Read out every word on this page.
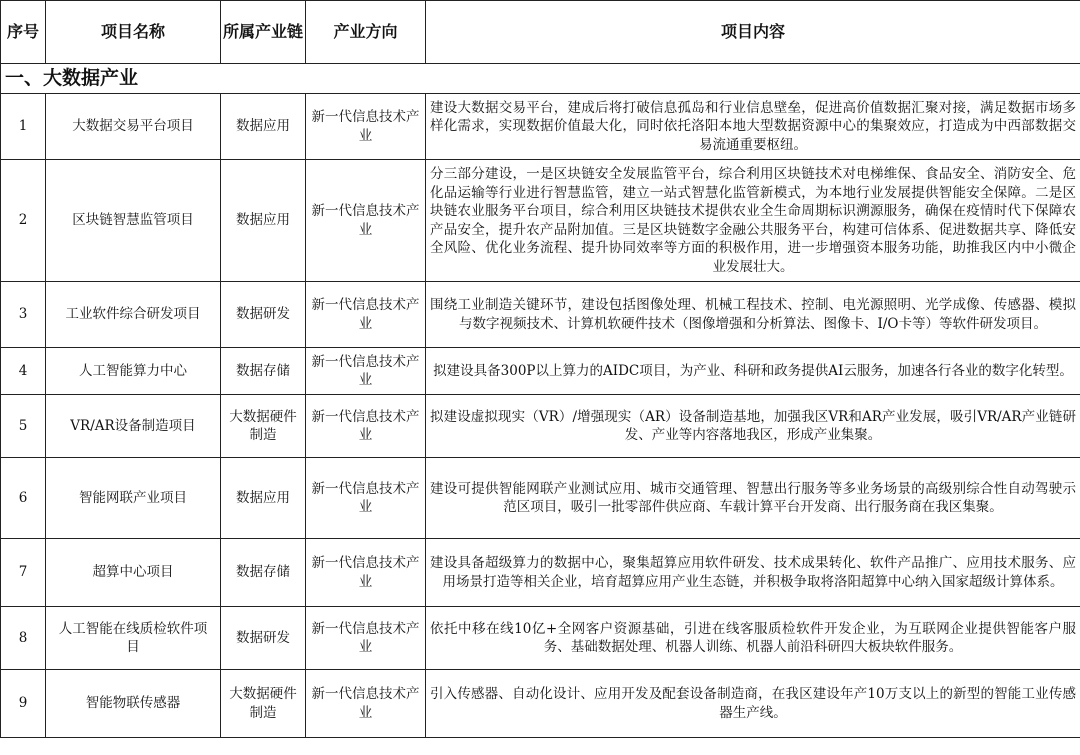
序号	项目名称	所属产业链	产业方向	项目内容
一、大数据产业				
1	大数据交易平台项目	数据应用	新一代信息技术产业	建设大数据交易平台，建成后将打破信息孤岛和行业信息壁垒，促进高价值数据汇聚对接，满足数据市场多样化需求，实现数据价值最大化，同时依托洛阳本地大型数据资源中心的集聚效应，打造成为中西部数据交易流通重要枢纽。
2	区块链智慧监管项目	数据应用	新一代信息技术产业	分三部分建设，一是区块链安全发展监管平台，综合利用区块链技术对电梯维保、食品安全、消防安全、危化品运输等行业进行智慧监管，建立一站式智慧化监管新模式，为本地行业发展提供智能安全保障。二是区块链农业服务平台项目，综合利用区块链技术提供农业全生命周期标识溯源服务，确保在疫情时代下保障农产品安全，提升农产品附加值。三是区块链数字金融公共服务平台，构建可信体系、促进数据共享、降低安全风险、优化业务流程、提升协同效率等方面的积极作用，进一步增强资本服务功能，助推我区内中小微企业发展壮大。
3	工业软件综合研发项目	数据研发	新一代信息技术产业	围绕工业制造关键环节，建设包括图像处理、机械工程技术、控制、电光源照明、光学成像、传感器、模拟与数字视频技术、计算机软硬件技术（图像增强和分析算法、图像卡、I/O卡等）等软件研发项目。
4	人工智能算力中心	数据存储	新一代信息技术产业	拟建设具备300P以上算力的AIDC项目，为产业、科研和政务提供AI云服务，加速各行各业的数字化转型。
5	VR/AR设备制造项目	大数据硬件制造	新一代信息技术产业	拟建设虚拟现实（VR）/增强现实（AR）设备制造基地，加强我区VR和AR产业发展，吸引VR/AR产业链研发、产业等内容落地我区，形成产业集聚。
6	智能网联产业项目	数据应用	新一代信息技术产业	建设可提供智能网联产业测试应用、城市交通管理、智慧出行服务等多业务场景的高级别综合性自动驾驶示范区项目，吸引一批零部件供应商、车载计算平台开发商、出行服务商在我区集聚。
7	超算中心项目	数据存储	新一代信息技术产业	建设具备超级算力的数据中心，聚集超算应用软件研发、技术成果转化、软件产品推广、应用技术服务、应用场景打造等相关企业，培育超算应用产业生态链，并积极争取将洛阳超算中心纳入国家超级计算体系。
8	人工智能在线质检软件项目	数据研发	新一代信息技术产业	依托中移在线10亿+全网客户资源基础，引进在线客服质检软件开发企业，为互联网企业提供智能客户服务、基础数据处理、机器人训练、机器人前沿科研四大板块软件服务。
9	智能物联传感器	大数据硬件制造	新一代信息技术产业	引入传感器、自动化设计、应用开发及配套设备制造商，在我区建设年产10万支以上的新型的智能工业传感器生产线。
